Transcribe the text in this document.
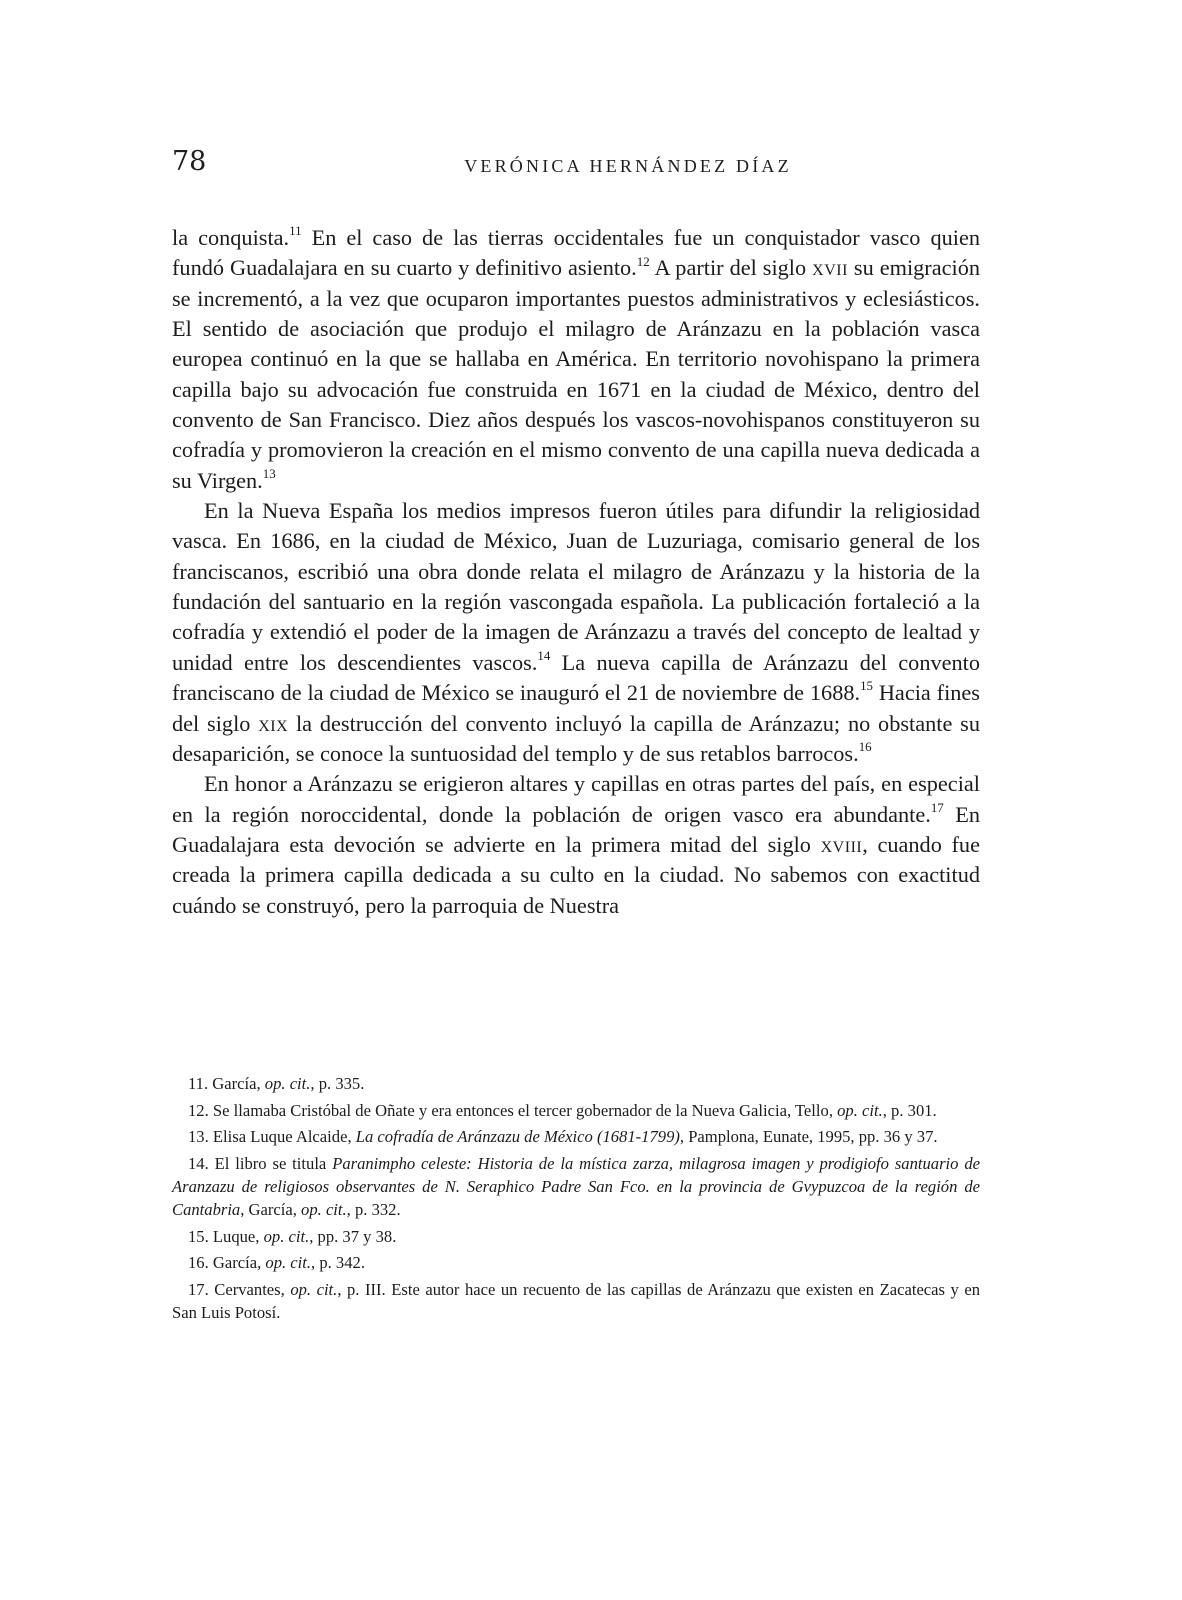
78	VERÓNICA HERNÁNDEZ DÍAZ

la conquista.$^{11}$ En el caso de las tierras occidentales fue un conquistador vasco quien fundó Guadalajara en su cuarto y definitivo asiento.$^{12}$ A partir del siglo xvii su emigración se incrementó, a la vez que ocuparon importantes puestos administrativos y eclesiásticos. El sentido de asociación que produjo el milagro de Aránzazu en la población vasca europea continuó en la que se hallaba en América. En territorio novohispano la primera capilla bajo su advocación fue construida en 1671 en la ciudad de México, dentro del convento de San Francisco. Diez años después los vascos-novohispanos constituyeron su cofradía y promovieron la creación en el mismo convento de una capilla nueva dedicada a su Virgen.$^{13}$

En la Nueva España los medios impresos fueron útiles para difundir la religiosidad vasca. En 1686, en la ciudad de México, Juan de Luzuriaga, comisario general de los franciscanos, escribió una obra donde relata el milagro de Aránzazu y la historia de la fundación del santuario en la región vascongada española. La publicación fortaleció a la cofradía y extendió el poder de la imagen de Aránzazu a través del concepto de lealtad y unidad entre los descendientes vascos.$^{14}$ La nueva capilla de Aránzazu del convento franciscano de la ciudad de México se inauguró el 21 de noviembre de 1688.15 Hacia fines del siglo xix la destrucción del convento incluyó la capilla de Aránzazu; no obstante su desaparición, se conoce la suntuosidad del templo y de sus retablos barrocos.$^{16}$

En honor a Aránzazu se erigieron altares y capillas en otras partes del país, en especial en la región noroccidental, donde la población de origen vasco era abundante.$^{17}$ En Guadalajara esta devoción se advierte en la primera mitad del siglo xviii, cuando fue creada la primera capilla dedicada a su culto en la ciudad. No sabemos con exactitud cuándo se construyó, pero la parroquia de Nuestra

11. García, op. cit., p. 335.

12. Se llamaba Cristóbal de Oñate y era entonces el tercer gobernador de la Nueva Galicia, Tello, op. cit., p. 301.

13. Elisa Luque Alcaide, La cofradía de Aránzazu de México (1681-1799), Pamplona, Eunate, 1995, pp. 36 y 37.

14. El libro se titula Paranimpho celeste: Historia de la mística zarza, milagrosa imagen y prodigiofo santuario de Aranzazu de religiosos observantes de N. Seraphico Padre San Fco. en la provincia de Gvypuzcoa de la región de Cantabria, García, op. cit., p. 332.

15. Luque, op. cit., pp. 37 y 38.

16. García, op. cit., p. 342.

17. Cervantes, op. cit., p. III. Este autor hace un recuento de las capillas de Aránzazu que existen en Zacatecas y en San Luis Potosí.
